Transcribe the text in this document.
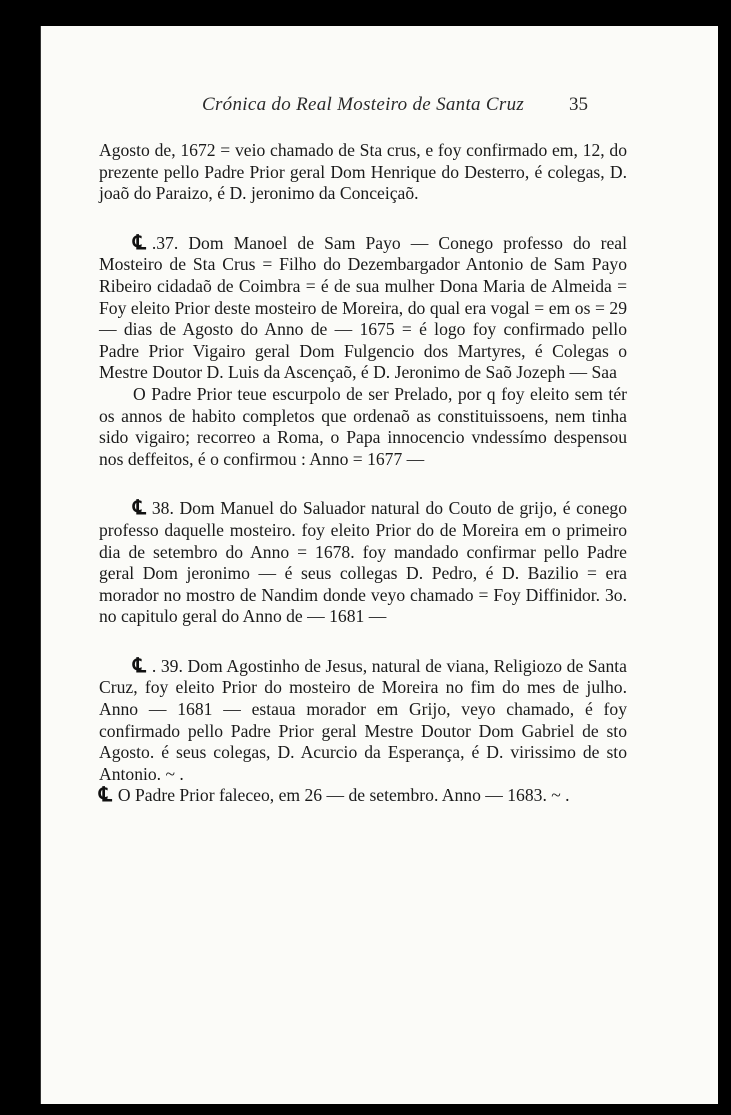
Crónica do Real Mosteiro de Santa Cruz 35

Agosto de, 1672 = veio chamado de Sta crus, e foy confirmado em, 12, do prezente pello Padre Prior geral Dom Henrique do Desterro, é colegas, D. joaõ do Paraizo, é D. jeronimo da Conceiçaõ.

℄ .37. Dom Manoel de Sam Payo — Conego professo do real Mosteiro de Sta Crus = Filho do Dezembargador Antonio de Sam Payo Ribeiro cidadaõ de Coimbra = é de sua mulher Dona Maria de Almeida = Foy eleito Prior deste mosteiro de Moreira, do qual era vogal = em os = 29 — dias de Agosto do Anno de — 1675 = é logo foy confirmado pello Padre Prior Vigairo geral Dom Fulgencio dos Martyres, é Colegas o Mestre Doutor D. Luis da Ascençaõ, é D. Jeronimo de Saõ Jozeph — Saa

O Padre Prior teue escurpolo de ser Prelado, por q foy eleito sem tér os annos de habito completos que ordenaõ as constituissoens, nem tinha sido vigairo; recorreo a Roma, o Papa innocencio vndessímo despensou nos deffeitos, é o confirmou : Anno = 1677 —

℄ 38. Dom Manuel do Saluador natural do Couto de grijo, é conego professo daquelle mosteiro. foy eleito Prior do de Moreira em o primeiro dia de setembro do Anno = 1678. foy mandado confirmar pello Padre geral Dom jeronimo — é seus collegas D. Pedro, é D. Bazilio = era morador no mostro de Nandim donde veyo chamado = Foy Diffinidor. 3o. no capitulo geral do Anno de — 1681 —

℄ . 39. Dom Agostinho de Jesus, natural de viana, Religiozo de Santa Cruz, foy eleito Prior do mosteiro de Moreira no fim do mes de julho. Anno — 1681 — estaua morador em Grijo, veyo chamado, é foy confirmado pello Padre Prior geral Mestre Doutor Dom Gabriel de sto Agosto. é seus colegas, D. Acurcio da Esperança, é D. virissimo de sto Antonio. ~ .

℄ O Padre Prior faleceo, em 26 — de setembro. Anno — 1683. ~ .
